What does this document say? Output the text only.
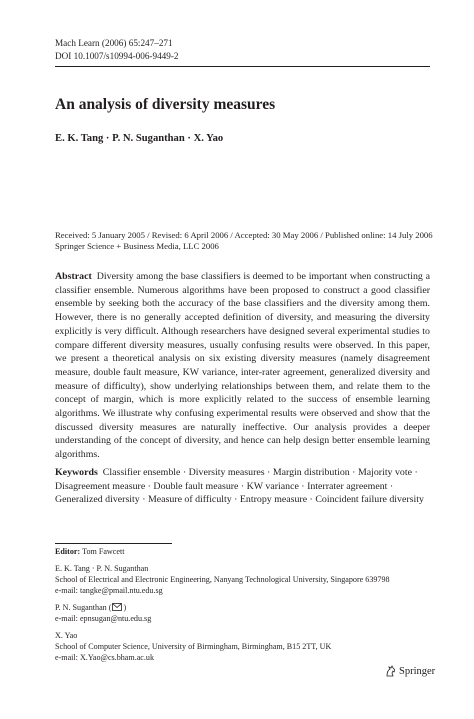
Mach Learn (2006) 65:247–271
DOI 10.1007/s10994-006-9449-2
An analysis of diversity measures
E. K. Tang · P. N. Suganthan · X. Yao
Received: 5 January 2005 / Revised: 6 April 2006 / Accepted: 30 May 2006 / Published online: 14 July 2006
Springer Science + Business Media, LLC 2006
Abstract Diversity among the base classifiers is deemed to be important when constructing a classifier ensemble. Numerous algorithms have been proposed to construct a good classifier ensemble by seeking both the accuracy of the base classifiers and the diversity among them. However, there is no generally accepted definition of diversity, and measuring the diversity explicitly is very difficult. Although researchers have designed several experimental studies to compare different diversity measures, usually confusing results were observed. In this paper, we present a theoretical analysis on six existing diversity measures (namely disagreement measure, double fault measure, KW variance, inter-rater agreement, generalized diversity and measure of difficulty), show underlying relationships between them, and relate them to the concept of margin, which is more explicitly related to the success of ensemble learning algorithms. We illustrate why confusing experimental results were observed and show that the discussed diversity measures are naturally ineffective. Our analysis provides a deeper understanding of the concept of diversity, and hence can help design better ensemble learning algorithms.
Keywords Classifier ensemble · Diversity measures · Margin distribution · Majority vote · Disagreement measure · Double fault measure · KW variance · Interrater agreement · Generalized diversity · Measure of difficulty · Entropy measure · Coincident failure diversity
Editor: Tom Fawcett
E. K. Tang · P. N. Suganthan
School of Electrical and Electronic Engineering, Nanyang Technological University, Singapore 639798
e-mail: tangke@pmail.ntu.edu.sg
P. N. Suganthan ( )
e-mail: epnsugan@ntu.edu.sg
X. Yao
School of Computer Science, University of Birmingham, Birmingham, B15 2TT, UK
e-mail: X.Yao@cs.bham.ac.uk
Springer
